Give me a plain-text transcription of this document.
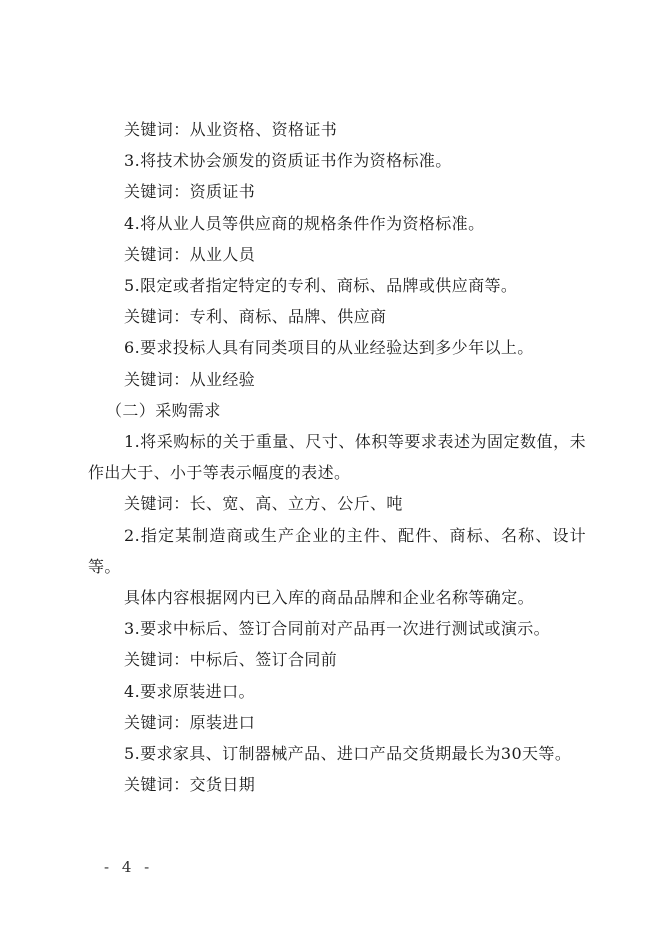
关键词：从业资格、资格证书

3.将技术协会颁发的资质证书作为资格标准。

关键词：资质证书

4.将从业人员等供应商的规格条件作为资格标准。

关键词：从业人员

5.限定或者指定特定的专利、商标、品牌或供应商等。

关键词：专利、商标、品牌、供应商

6.要求投标人具有同类项目的从业经验达到多少年以上。

关键词：从业经验

（二）采购需求

1.将采购标的关于重量、尺寸、体积等要求表述为固定数值，未作出大于、小于等表示幅度的表述。

关键词：长、宽、高、立方、公斤、吨

2.指定某制造商或生产企业的主件、配件、商标、名称、设计等。

具体内容根据网内已入库的商品品牌和企业名称等确定。

3.要求中标后、签订合同前对产品再一次进行测试或演示。

关键词：中标后、签订合同前

4.要求原装进口。

关键词：原装进口

5.要求家具、订制器械产品、进口产品交货期最长为30天等。

关键词：交货日期

- 4 -
